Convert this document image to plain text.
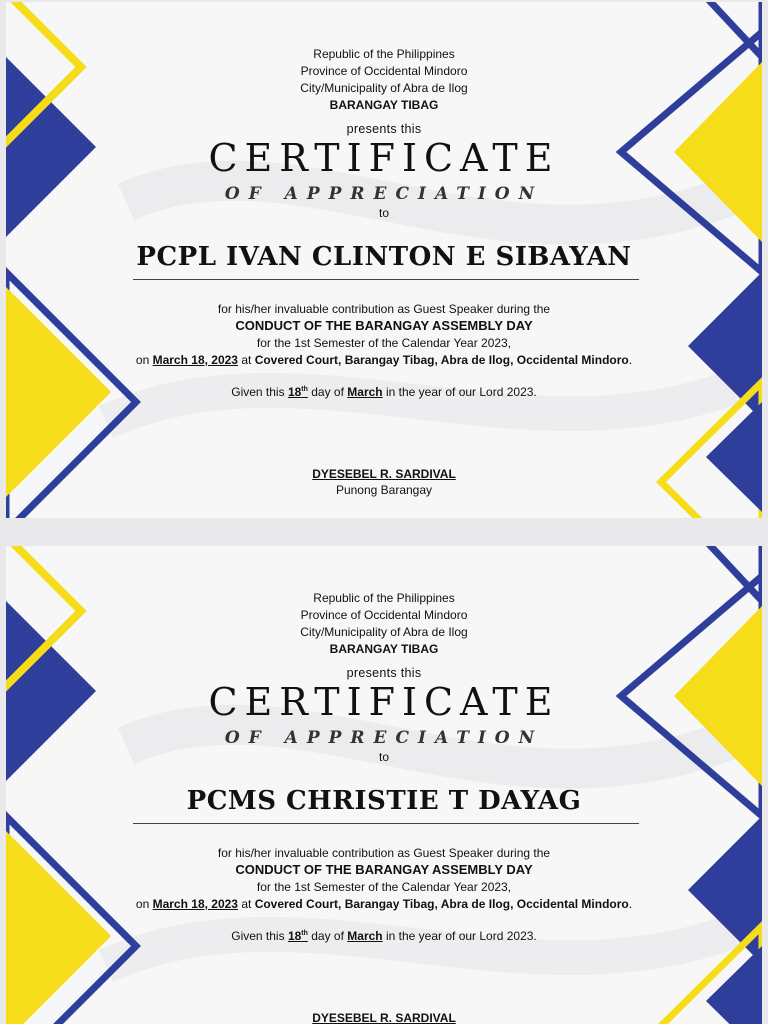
Republic of the Philippines
Province of Occidental Mindoro
City/Municipality of Abra de Ilog
BARANGAY TIBAG
presents this
CERTIFICATE
OF APPRECIATION
to
PCPL IVAN CLINTON E SIBAYAN
for his/her invaluable contribution as Guest Speaker during the
CONDUCT OF THE BARANGAY ASSEMBLY DAY
for the 1st Semester of the Calendar Year 2023,
on March 18, 2023 at Covered Court, Barangay Tibag, Abra de Ilog, Occidental Mindoro.
Given this 18th day of March in the year of our Lord 2023.
DYESEBEL R. SARDIVAL
Punong Barangay
Republic of the Philippines
Province of Occidental Mindoro
City/Municipality of Abra de Ilog
BARANGAY TIBAG
presents this
CERTIFICATE
OF APPRECIATION
to
PCMS CHRISTIE T DAYAG
for his/her invaluable contribution as Guest Speaker during the
CONDUCT OF THE BARANGAY ASSEMBLY DAY
for the 1st Semester of the Calendar Year 2023,
on March 18, 2023 at Covered Court, Barangay Tibag, Abra de Ilog, Occidental Mindoro.
Given this 18th day of March in the year of our Lord 2023.
DYESEBEL R. SARDIVAL
